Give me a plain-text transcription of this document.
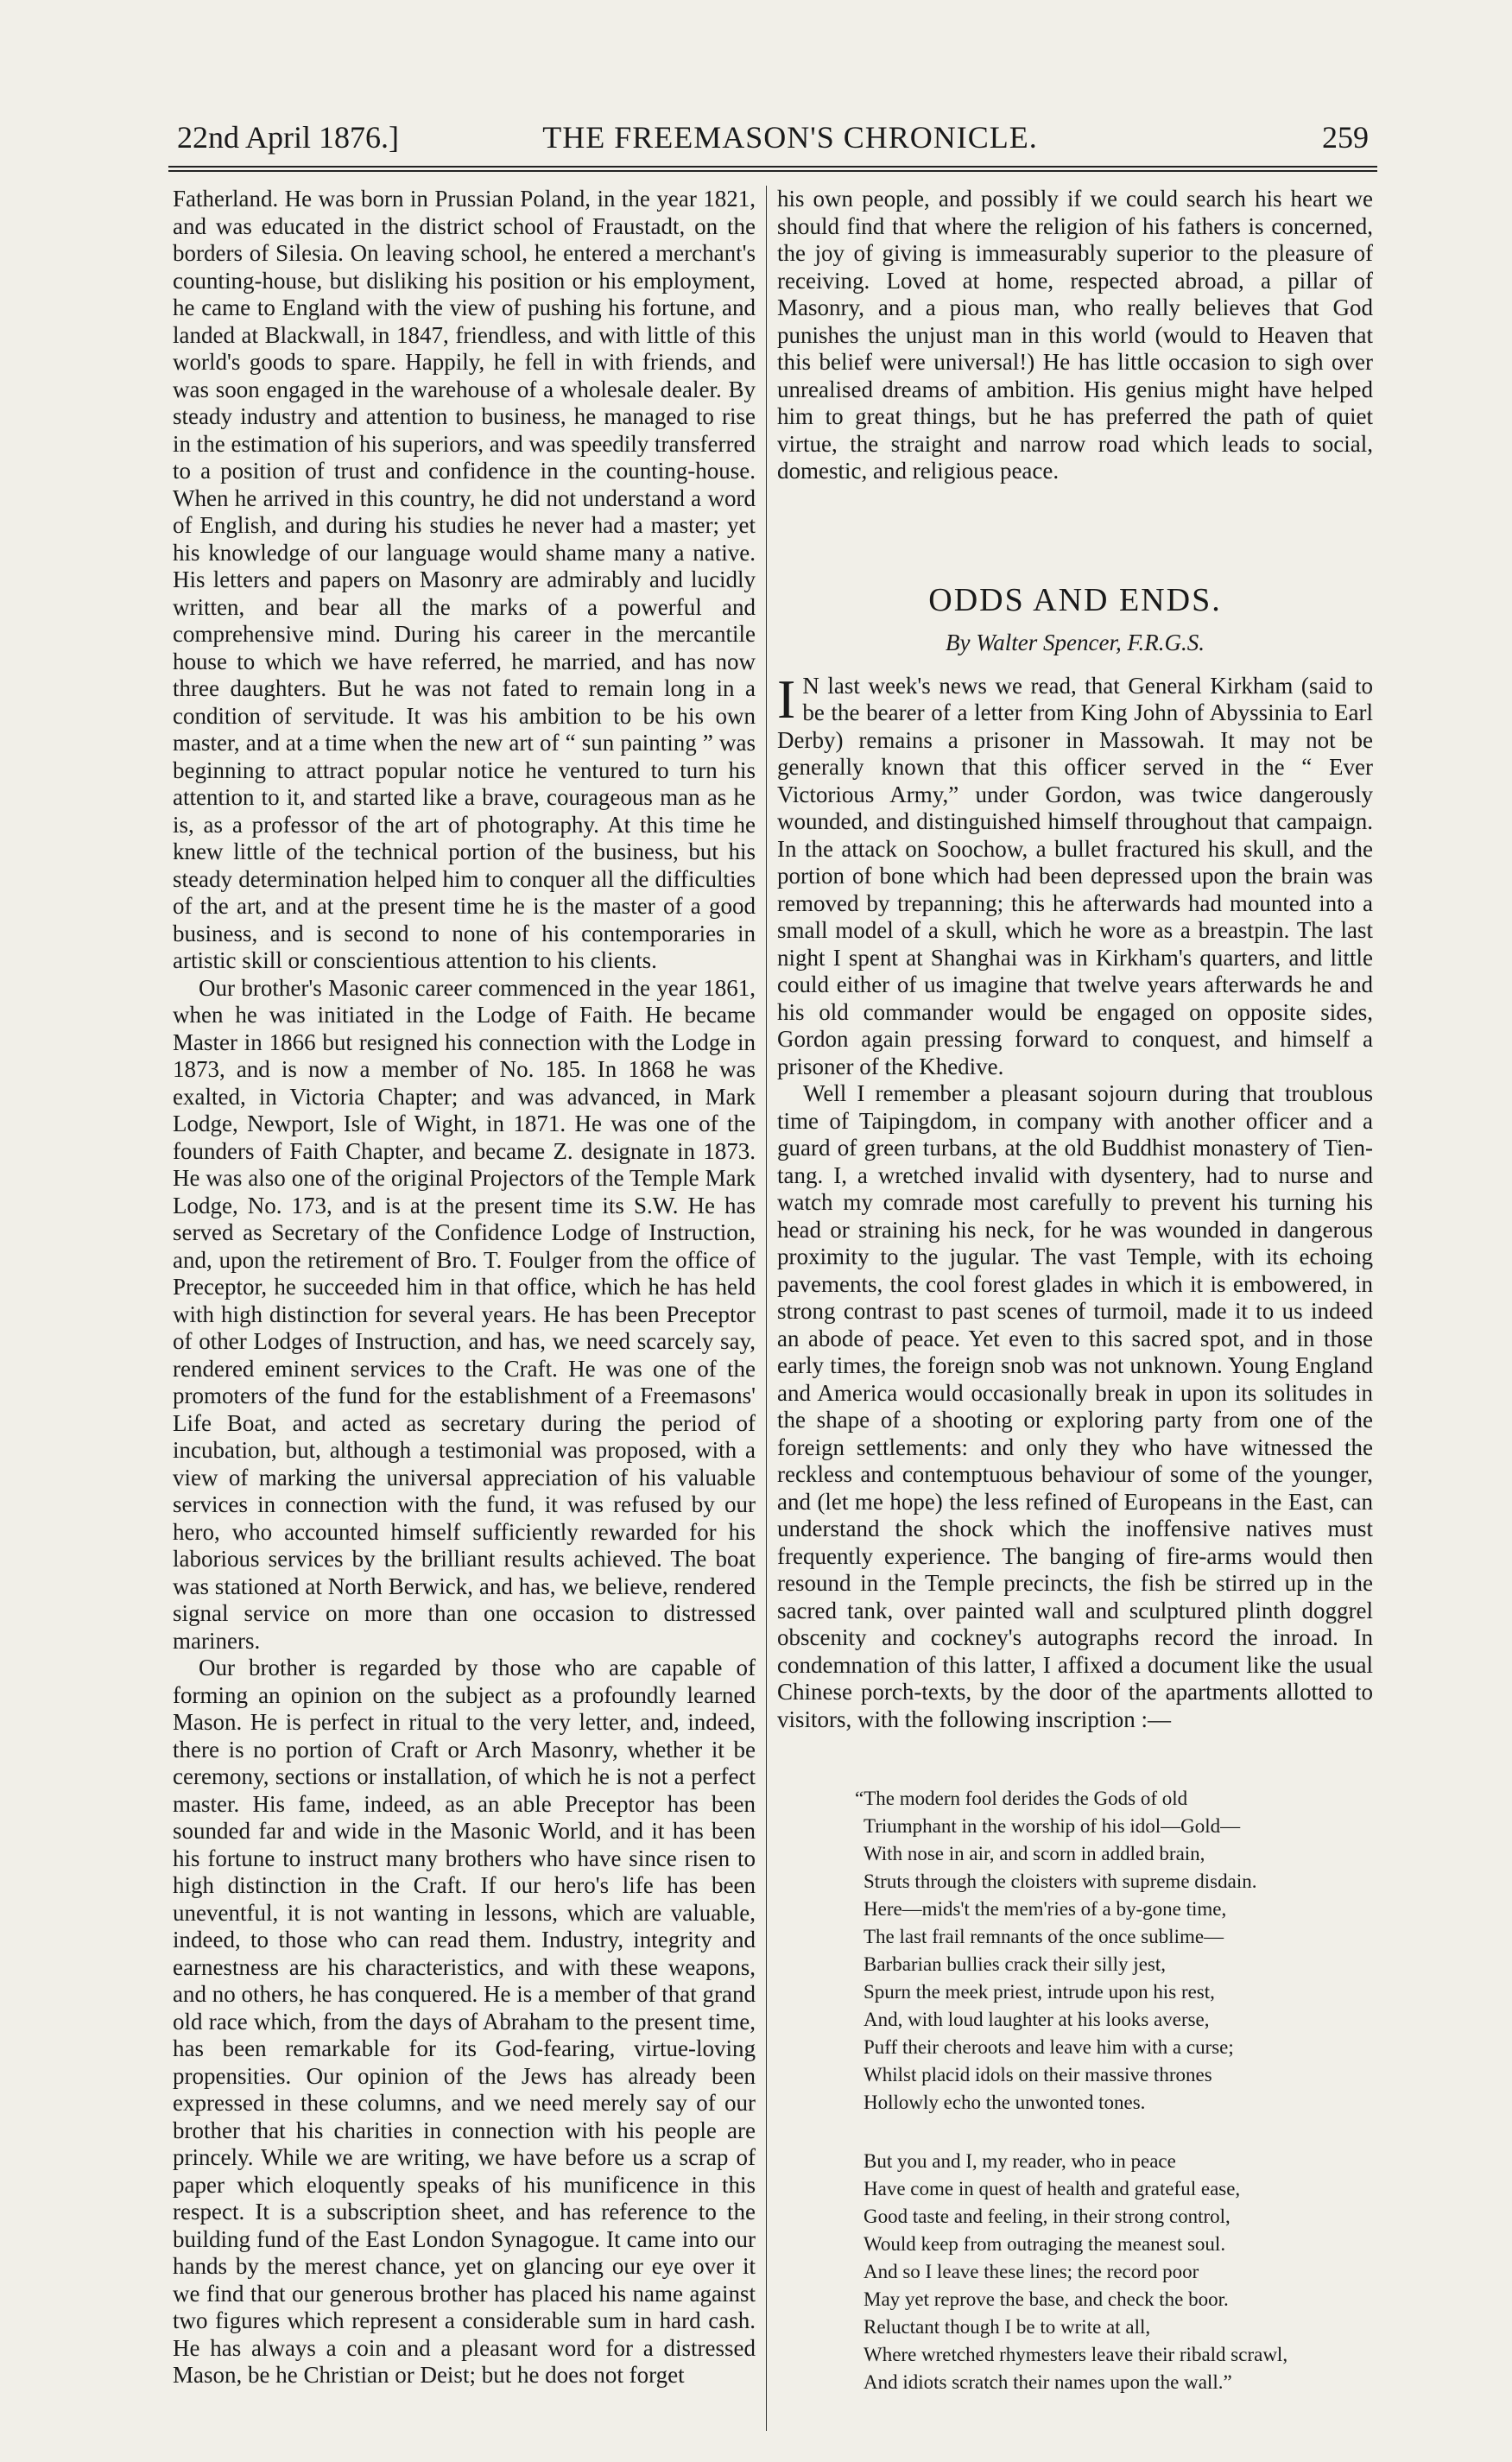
22nd April 1876.]	THE FREEMASON'S CHRONICLE.	259

Fatherland. He was born in Prussian Poland, in the year 1821, and was educated in the district school of Fraustadt, on the borders of Silesia. On leaving school, he entered a merchant's counting-house, but disliking his position or his employment, he came to England with the view of pushing his fortune, and landed at Blackwall, in 1847, friendless, and with little of this world's goods to spare. Happily, he fell in with friends, and was soon engaged in the warehouse of a wholesale dealer. By steady industry and attention to business, he managed to rise in the estimation of his superiors, and was speedily transferred to a position of trust and confidence in the counting-house. When he arrived in this country, he did not understand a word of English, and during his studies he never had a master; yet his knowledge of our language would shame many a native. His letters and papers on Masonry are admirably and lucidly written, and bear all the marks of a powerful and comprehensive mind. During his career in the mercantile house to which we have referred, he married, and has now three daughters. But he was not fated to remain long in a condition of servitude. It was his ambition to be his own master, and at a time when the new art of “ sun painting ” was beginning to attract popular notice he ventured to turn his attention to it, and started like a brave, courageous man as he is, as a professor of the art of photography. At this time he knew little of the technical portion of the business, but his steady determination helped him to conquer all the difficulties of the art, and at the present time he is the master of a good business, and is second to none of his contemporaries in artistic skill or conscientious attention to his clients.

Our brother's Masonic career commenced in the year 1861, when he was initiated in the Lodge of Faith. He became Master in 1866 but resigned his connection with the Lodge in 1873, and is now a member of No. 185. In 1868 he was exalted, in Victoria Chapter; and was advanced, in Mark Lodge, Newport, Isle of Wight, in 1871. He was one of the founders of Faith Chapter, and became Z. designate in 1873. He was also one of the original Projectors of the Temple Mark Lodge, No. 173, and is at the present time its S.W. He has served as Secretary of the Confidence Lodge of Instruction, and, upon the retirement of Bro. T. Foulger from the office of Preceptor, he succeeded him in that office, which he has held with high distinction for several years. He has been Preceptor of other Lodges of Instruction, and has, we need scarcely say, rendered eminent services to the Craft. He was one of the promoters of the fund for the establishment of a Freemasons' Life Boat, and acted as secretary during the period of incubation, but, although a testimonial was proposed, with a view of marking the universal appreciation of his valuable services in connection with the fund, it was refused by our hero, who accounted himself sufficiently rewarded for his laborious services by the brilliant results achieved. The boat was stationed at North Berwick, and has, we believe, rendered signal service on more than one occasion to distressed mariners.

Our brother is regarded by those who are capable of forming an opinion on the subject as a profoundly learned Mason. He is perfect in ritual to the very letter, and, indeed, there is no portion of Craft or Arch Masonry, whether it be ceremony, sections or installation, of which he is not a perfect master. His fame, indeed, as an able Preceptor has been sounded far and wide in the Masonic World, and it has been his fortune to instruct many brothers who have since risen to high distinction in the Craft. If our hero's life has been uneventful, it is not wanting in lessons, which are valuable, indeed, to those who can read them. Industry, integrity and earnestness are his characteristics, and with these weapons, and no others, he has conquered. He is a member of that grand old race which, from the days of Abraham to the present time, has been remarkable for its God-fearing, virtue-loving propensities. Our opinion of the Jews has already been expressed in these columns, and we need merely say of our brother that his charities in connection with his people are princely. While we are writing, we have before us a scrap of paper which eloquently speaks of his munificence in this respect. It is a subscription sheet, and has reference to the building fund of the East London Synagogue. It came into our hands by the merest chance, yet on glancing our eye over it we find that our generous brother has placed his name against two figures which represent a considerable sum in hard cash. He has always a coin and a pleasant word for a distressed Mason, be he Christian or Deist; but he does not forget

his own people, and possibly if we could search his heart we should find that where the religion of his fathers is concerned, the joy of giving is immeasurably superior to the pleasure of receiving. Loved at home, respected abroad, a pillar of Masonry, and a pious man, who really believes that God punishes the unjust man in this world (would to Heaven that this belief were universal!) He has little occasion to sigh over unrealised dreams of ambition. His genius might have helped him to great things, but he has preferred the path of quiet virtue, the straight and narrow road which leads to social, domestic, and religious peace.

ODDS AND ENDS.
By Walter Spencer, F.R.G.S.

I N last week's news we read, that General Kirkham (said to be the bearer of a letter from King John of Abyssinia to Earl Derby) remains a prisoner in Massowah. It may not be generally known that this officer served in the “ Ever Victorious Army,” under Gordon, was twice dangerously wounded, and distinguished himself throughout that campaign. In the attack on Soochow, a bullet fractured his skull, and the portion of bone which had been depressed upon the brain was removed by trepanning; this he afterwards had mounted into a small model of a skull, which he wore as a breastpin. The last night I spent at Shanghai was in Kirkham's quarters, and little could either of us imagine that twelve years afterwards he and his old commander would be engaged on opposite sides, Gordon again pressing forward to conquest, and himself a prisoner of the Khedive.

Well I remember a pleasant sojourn during that troublous time of Taipingdom, in company with another officer and a guard of green turbans, at the old Buddhist monastery of Tien-tang. I, a wretched invalid with dysentery, had to nurse and watch my comrade most carefully to prevent his turning his head or straining his neck, for he was wounded in dangerous proximity to the jugular. The vast Temple, with its echoing pavements, the cool forest glades in which it is embowered, in strong contrast to past scenes of turmoil, made it to us indeed an abode of peace. Yet even to this sacred spot, and in those early times, the foreign snob was not unknown. Young England and America would occasionally break in upon its solitudes in the shape of a shooting or exploring party from one of the foreign settlements: and only they who have witnessed the reckless and contemptuous behaviour of some of the younger, and (let me hope) the less refined of Europeans in the East, can understand the shock which the inoffensive natives must frequently experience. The banging of fire-arms would then resound in the Temple precincts, the fish be stirred up in the sacred tank, over painted wall and sculptured plinth doggrel obscenity and cockney's autographs record the inroad. In condemnation of this latter, I affixed a document like the usual Chinese porch-texts, by the door of the apartments allotted to visitors, with the following inscription :—

“The modern fool derides the Gods of old
Triumphant in the worship of his idol—Gold—
With nose in air, and scorn in addled brain,
Struts through the cloisters with supreme disdain.
Here—mids't the mem'ries of a by-gone time,
The last frail remnants of the once sublime—
Barbarian bullies crack their silly jest,
Spurn the meek priest, intrude upon his rest,
And, with loud laughter at his looks averse,
Puff their cheroots and leave him with a curse;
Whilst placid idols on their massive thrones
Hollowly echo the unwonted tones.
But you and I, my reader, who in peace
Have come in quest of health and grateful ease,
Good taste and feeling, in their strong control,
Would keep from outraging the meanest soul.
And so I leave these lines; the record poor
May yet reprove the base, and check the boor.
Reluctant though I be to write at all,
Where wretched rhymesters leave their ribald scrawl,
And idiots scratch their names upon the wall.”
